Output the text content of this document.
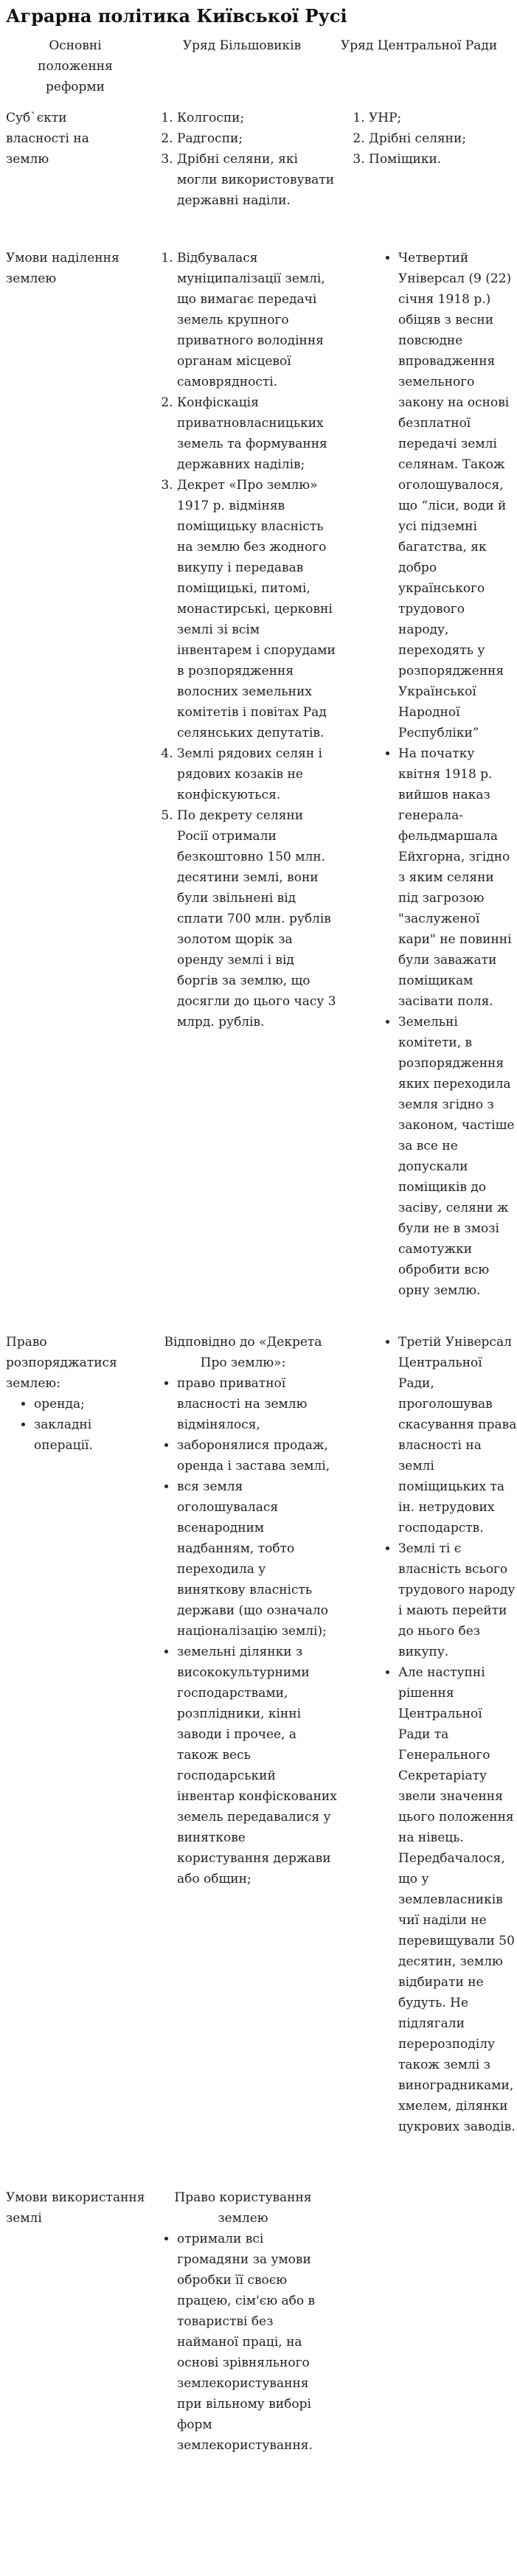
Аграрна політика Київської Русі
Основні положення реформи
Уряд Більшовиків	Уряд Центральної Ради
Суб`єкти власності на землю
1. Колгоспи;
2. Радгоспи;
3. Дрібні селяни, які могли використовувати державні наділи.
1. УНР;
2. Дрібні селяни;
3. Поміщики.
Умови наділення землею
1. Відбувалася муніципалізації землі, що вимагає передачі земель крупного приватного володіння органам місцевої самоврядності.
2. Конфіскація приватновласницьких земель та формування державних наділів;
3. Декрет «Про землю» 1917 р. відміняв поміщицьку власність на землю без жодного викупу і передавав поміщицькі, питомі, монастирські, церковні землі зі всім інвентарем і спорудами в розпорядження волосних земельних комітетів і повітах Рад селянських депутатів.
4. Землі рядових селян і рядових козаків не конфіскуються.
5. По декрету селяни Росії отримали безкоштовно 150 млн. десятини землі, вони були звільнені від сплати 700 млн. рублів золотом щорік за оренду землі і від боргів за землю, що досягли до цього часу 3 млрд. рублів.
• Четвертий Універсал (9 (22) січня 1918 р.) обіцяв з весни повсюдне впровадження земельного закону на основі безплатної передачі землі селянам. Також оголошувалося, що “ліси, води й усі підземні багатства, як добро українського трудового народу, переходять у розпорядження Української Народної Республіки”
• На початку квітня 1918 р. вийшов наказ генерала-фельдмаршала Ейхгорна, згідно з яким селяни під загрозою "заслуженої кари" не повинні були заважати поміщикам засівати поля.
• Земельні комітети, в розпорядження яких переходила земля згідно з законом, частіше за все не допускали поміщиків до засіву, селяни ж були не в змозі самотужки обробити всю орну землю.

Право розпоряджатися землею:

• оренда;
• закладні операції.

Відповідно до «Декрета Про землю»:

• право приватної власності на землю відмінялося,
• заборонялися продаж, оренда і застава землі,
• вся земля оголошувалася всенародним надбанням, тобто переходила у виняткову власність держави (що означало націоналізацію землі);
• земельні ділянки з висококультурними господарствами, розплідники, кінні заводи і прочее, а також весь господарський інвентар конфіскованих земель передавалися у виняткове користування держави або общин;
• Третій Універсал Центральної Ради, проголошував скасування права власності на землі поміщицьких та ін. нетрудових господарств.
• Землі ті є власність всього трудового народу і мають перейти до нього без викупу.
• Але наступні рішення Центральної Ради та Генерального Секретаріату звели значення цього положення на нівець. Передбачалося, що у землевласників чиї наділи не перевищували 50 десятин, землю відбирати не будуть. Не підлягали перерозподілу також землі з виноградниками, хмелем, ділянки цукрових заводів.
Умови використання землі

Право користування землею

• отримали всі громадяни за умови обробки її своєю працею, сім'єю або в товаристві без найманої праці, на основі зрівняльного землекористування при вільному виборі форм землекористування.
